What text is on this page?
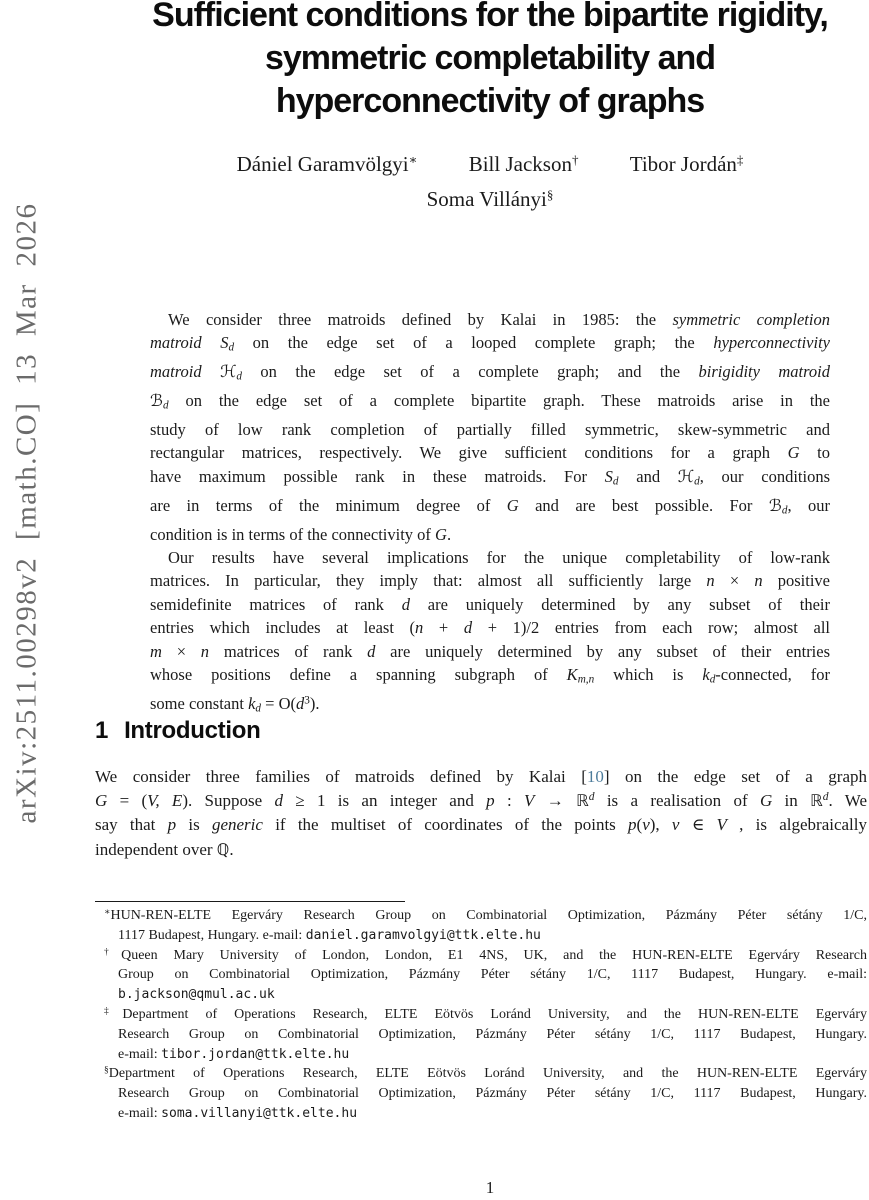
arXiv:2511.00298v2 [math.CO] 13 Mar 2026
Sufficient conditions for the bipartite rigidity,
symmetric completability and
hyperconnectivity of graphs
Dániel Garamvölgyi∗ Bill Jackson† Tibor Jordán‡
Soma Villányi§
We consider three matroids defined by Kalai in 1985: the symmetric completion
matroid Sd on the edge set of a looped complete graph; the hyperconnectivity
matroid ℋd on the edge set of a complete graph; and the birigidity matroid
ℬd on the edge set of a complete bipartite graph. These matroids arise in the
study of low rank completion of partially filled symmetric, skew-symmetric and
rectangular matrices, respectively. We give sufficient conditions for a graph G to
have maximum possible rank in these matroids. For Sd and ℋd, our conditions
are in terms of the minimum degree of G and are best possible. For ℬd, our
condition is in terms of the connectivity of G.
Our results have several implications for the unique completability of low-rank
matrices. In particular, they imply that: almost all sufficiently large n × n positive
semidefinite matrices of rank d are uniquely determined by any subset of their
entries which includes at least (n + d + 1)/2 entries from each row; almost all
m × n matrices of rank d are uniquely determined by any subset of their entries
whose positions define a spanning subgraph of Km,n which is kd-connected, for
some constant kd = $O(d^3)$.
1 Introduction
We consider three families of matroids defined by Kalai [10] on the edge set of a graph
G = (V, E). Suppose d ≥ 1 is an integer and p : V → ℝ$^d$ is a realisation of G in ℝ$^d$. We
say that p is generic if the multiset of coordinates of the points p(v), v ∈ V , is algebraically
independent over ℚ.
∗HUN-REN-ELTE Egerváry Research Group on Combinatorial Optimization, Pázmány Péter sétány 1/C,
1117 Budapest, Hungary. e-mail: daniel.garamvolgyi@ttk.elte.hu
†Queen Mary University of London, London, E1 4NS, UK, and the HUN-REN-ELTE Egerváry Research
Group on Combinatorial Optimization, Pázmány Péter sétány 1/C, 1117 Budapest, Hungary. e-mail:
b.jackson@qmul.ac.uk
‡Department of Operations Research, ELTE Eötvös Loránd University, and the HUN-REN-ELTE Egerváry
Research Group on Combinatorial Optimization, Pázmány Péter sétány 1/C, 1117 Budapest, Hungary.
e-mail: tibor.jordan@ttk.elte.hu
§Department of Operations Research, ELTE Eötvös Loránd University, and the HUN-REN-ELTE Egerváry
Research Group on Combinatorial Optimization, Pázmány Péter sétány 1/C, 1117 Budapest, Hungary.
e-mail: soma.villanyi@ttk.elte.hu
1
